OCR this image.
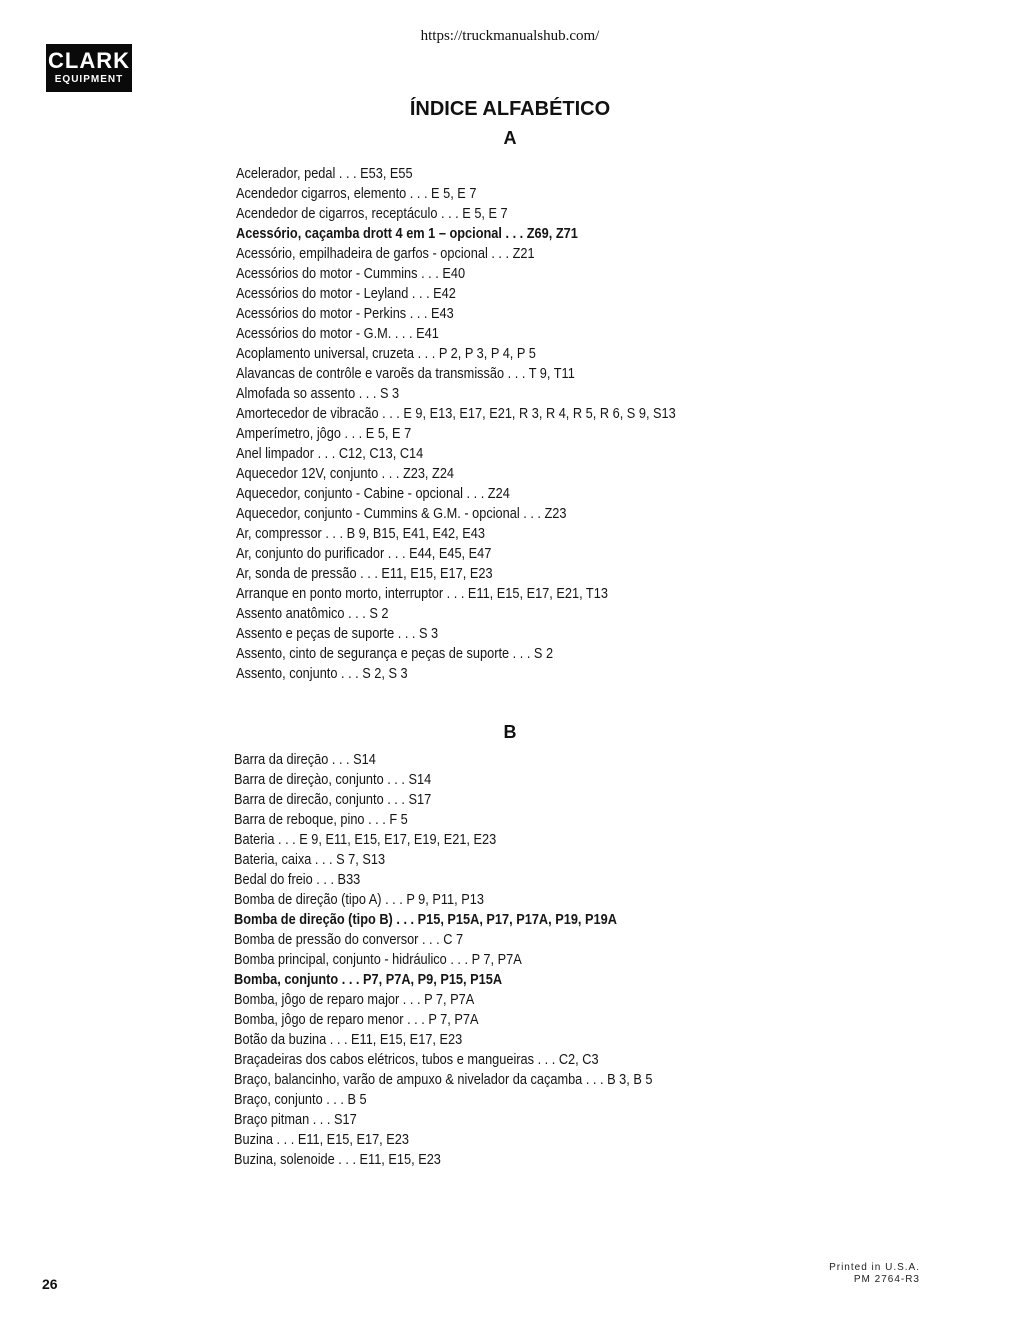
https://truckmanualshub.com/
CLARK
EQUIPMENT
ÍNDICE ALFABÉTICO
A
Acelerador, pedal . . . E53, E55
Acendedor cigarros, elemento . . . E 5, E 7
Acendedor de cigarros, receptáculo . . . E 5, E 7
Acessório, caçamba drott 4 em 1 – opcional . . . Z69, Z71
Acessório, empilhadeira de garfos - opcional . . . Z21
Acessórios do motor - Cummins . . . E40
Acessórios do motor - Leyland . . . E42
Acessórios do motor - Perkins . . . E43
Acessórios do motor - G.M. . . . E41
Acoplamento universal, cruzeta . . . P 2, P 3, P 4, P 5
Alavancas de contrôle e varoẽs da transmissão . . . T 9, T11
Almofada so assento . . . S 3
Amortecedor de vibracão . . . E 9, E13, E17, E21, R 3, R 4, R 5, R 6, S 9, S13
Amperímetro, jôgo . . . E 5, E 7
Anel limpador . . . C12, C13, C14
Aquecedor 12V, conjunto . . . Z23, Z24
Aquecedor, conjunto - Cabine - opcional . . . Z24
Aquecedor, conjunto - Cummins & G.M. - opcional . . . Z23
Ar, compressor . . . B 9, B15, E41, E42, E43
Ar, conjunto do purificador . . . E44, E45, E47
Ar, sonda de pressão . . . E11, E15, E17, E23
Arranque en ponto morto, interruptor . . . E11, E15, E17, E21, T13
Assento anatômico . . . S 2
Assento e peças de suporte . . . S 3
Assento, cinto de segurança e peças de suporte . . . S 2
Assento, conjunto . . . S 2, S 3
B
Barra da direçāo . . . S14
Barra de direçào, conjunto . . . S14
Barra de direcão, conjunto . . . S17
Barra de reboque, pino . . . F 5
Bateria . . . E 9, E11, E15, E17, E19, E21, E23
Bateria, caixa . . . S 7, S13
Bedal do freio . . . B33
Bomba de direção (tipo A) . . . P 9, P11, P13
Bomba de direção (tipo B) . . . P15, P15A, P17, P17A, P19, P19A
Bomba de pressão do conversor . . . C 7
Bomba principal, conjunto - hidráulico . . . P 7, P7A
Bomba, conjunto . . . P7, P7A, P9, P15, P15A
Bomba, jôgo de reparo major . . . P 7, P7A
Bomba, jôgo de reparo menor . . . P 7, P7A
Botão da buzina . . . E11, E15, E17, E23
Braçadeiras dos cabos elétricos, tubos e mangueiras . . . C2, C3
Braço, balancinho, varão de ampuxo & nivelador da caçamba . . . B 3, B 5
Braço, conjunto . . . B 5
Braço pitman . . . S17
Buzina . . . E11, E15, E17, E23
Buzina, solenoide . . . E11, E15, E23
26
Printed in U.S.A.
PM 2764-R3
